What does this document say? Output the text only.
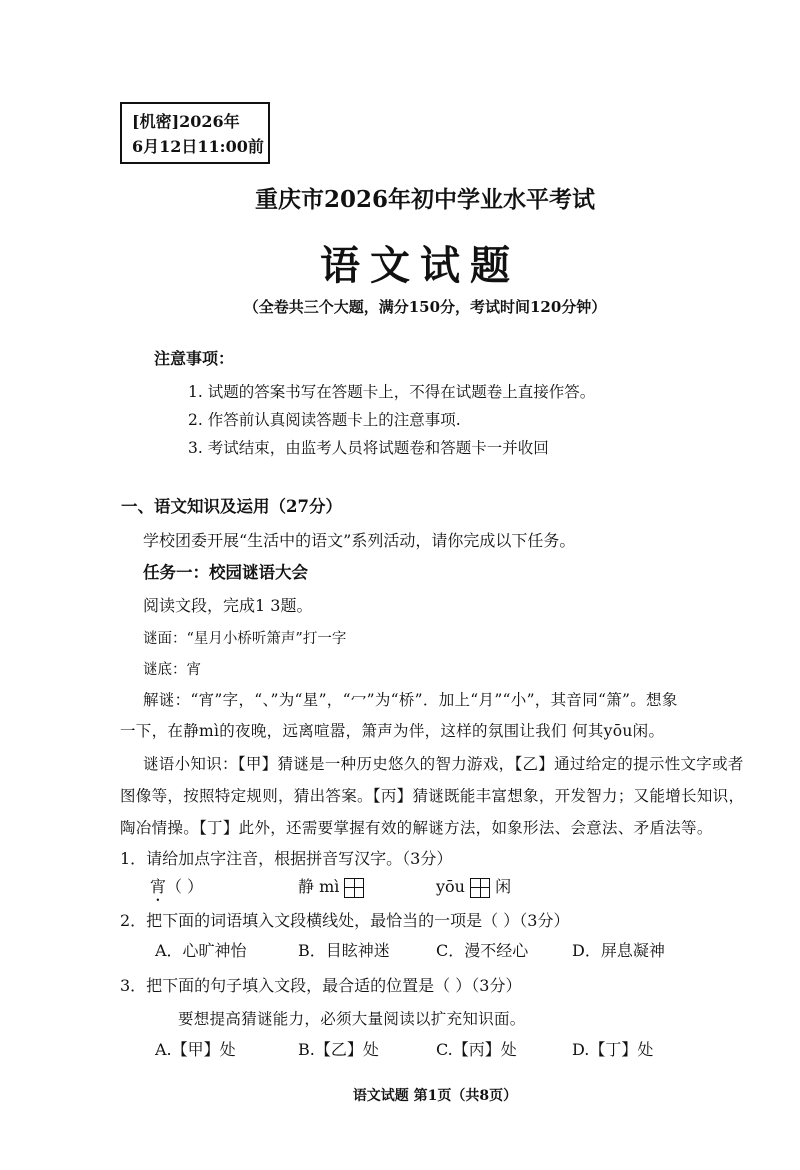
[机密]2026年
6月12日11:00前
重庆市2026年初中学业水平考试
语文试题
（全卷共三个大题，满分150分，考试时间120分钟）
注意事项：
1. 试题的答案书写在答题卡上，不得在试题卷上直接作答。
2. 作答前认真阅读答题卡上的注意事项.
3. 考试结束，由监考人员将试题卷和答题卡一并收回
一、语文知识及运用（27分）
学校团委开展“生活中的语文”系列活动，请你完成以下任务。
任务一：校园谜语大会
阅读文段，完成1 3题。
谜面：“星月小桥听箫声”打一字
谜底：宵
解谜：“宵”字，“、”为“星”，“冖”为“桥”．加上“月”“小”，其音同“箫”。想象
一下，在静mì的夜晚，远离喧嚣，箫声为伴，这样的氛围让我们 何其yōu闲。
谜语小知识：【甲】猜谜是一种历史悠久的智力游戏，【乙】通过给定的提示性文字或者
图像等，按照特定规则，猜出答案。【丙】猜谜既能丰富想象，开发智力；又能增长知识，
陶冶情操。【丁】此外，还需要掌握有效的解谜方法，如象形法、会意法、矛盾法等。
1．请给加点字注音，根据拼音写汉字。（3分）
宵（ ）	静 mì	yōu 闲
2．把下面的词语填入文段横线处，最恰当的一项是（ ）（3分）
A．心旷神怡	B．目眩神迷	C．漫不经心	D．屏息凝神
3．把下面的句子填入文段，最合适的位置是（ ）（3分）
要想提高猜谜能力，必须大量阅读以扩充知识面。
A.【甲】处	B.【乙】处	C.【丙】处	D.【丁】处
语文试题 第1页（共8页）
